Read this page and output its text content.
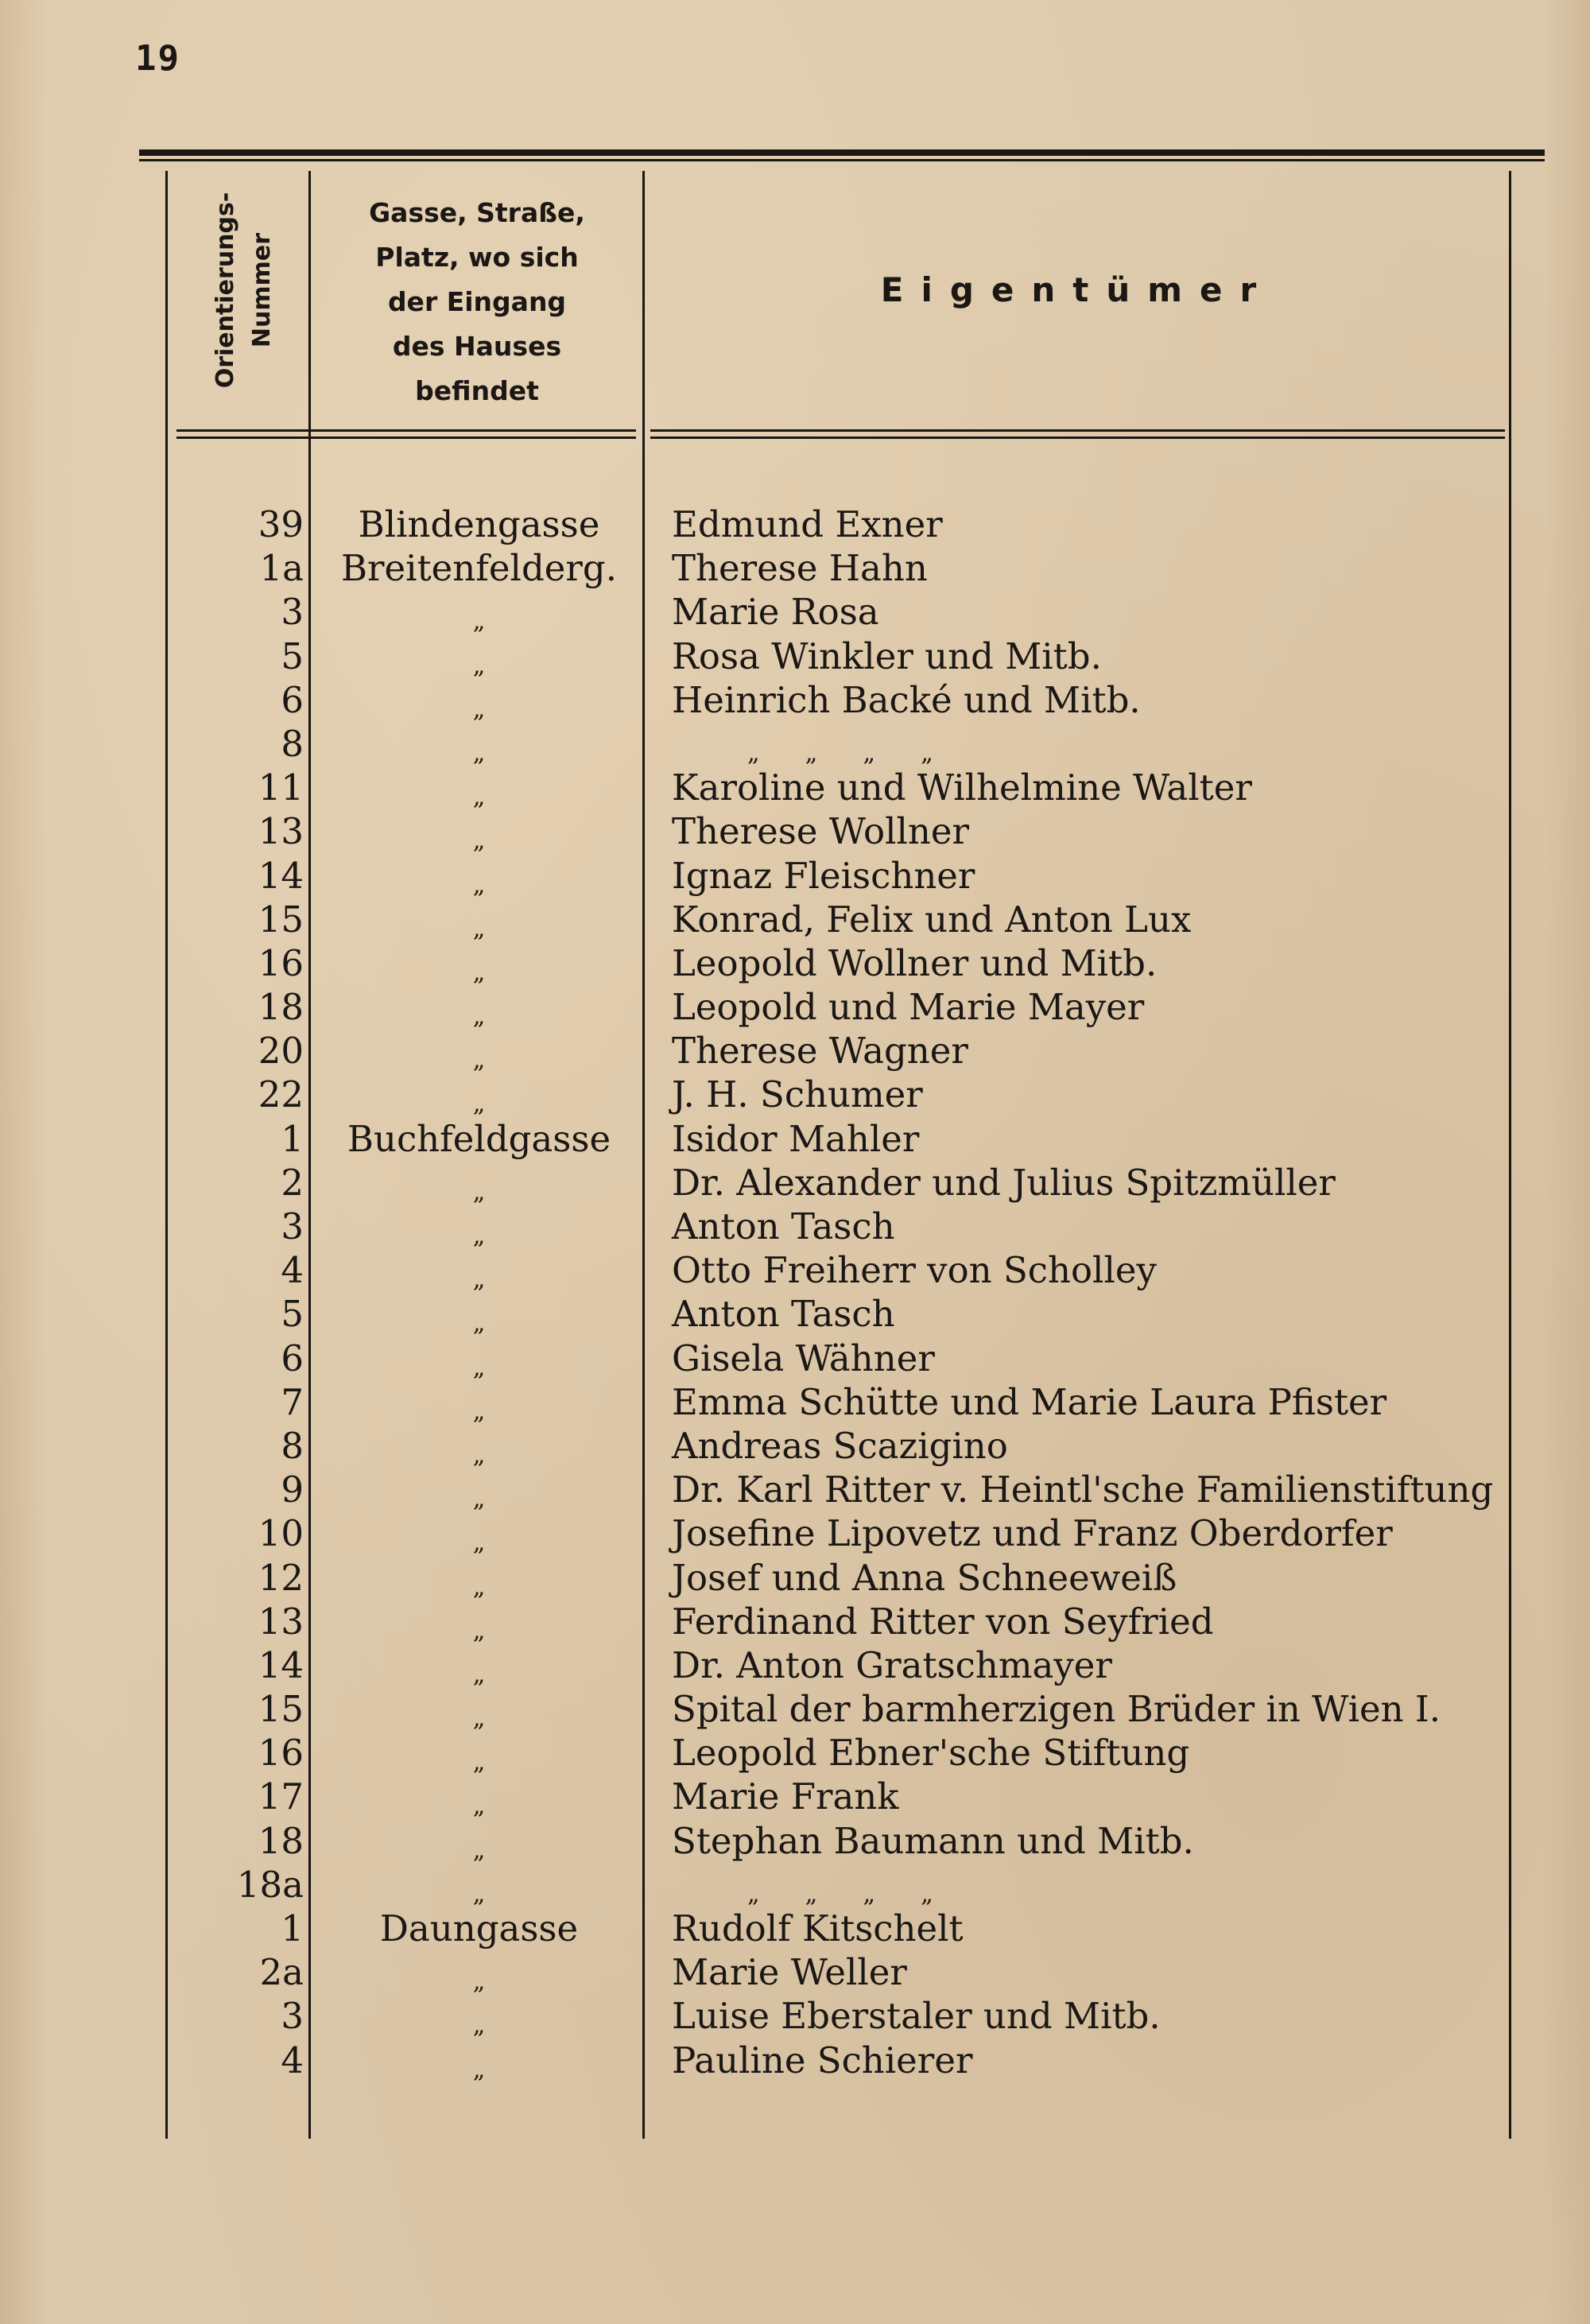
19
Orientierungs- Nummer
Gasse, Straße,
Platz, wo sich
der Eingang
des Hauses
befindet
Eigentümer
39	Blindengasse	Edmund Exner
1a	Breitenfelderg.	Therese Hahn
3	„	Marie Rosa
5	„	Rosa Winkler und Mitb.
6	„	Heinrich Backé und Mitb.
8	„	„      „      „      „
11	„	Karoline und Wilhelmine Walter
13	„	Therese Wollner
14	„	Ignaz Fleischner
15	„	Konrad, Felix und Anton Lux
16	„	Leopold Wollner und Mitb.
18	„	Leopold und Marie Mayer
20	„	Therese Wagner
22	„	J. H. Schumer
1	Buchfeldgasse	Isidor Mahler
2	„	Dr. Alexander und Julius Spitzmüller
3	„	Anton Tasch
4	„	Otto Freiherr von Scholley
5	„	Anton Tasch
6	„	Gisela Wähner
7	„	Emma Schütte und Marie Laura Pfister
8	„	Andreas Scazigino
9	„	Dr. Karl Ritter v. Heintl'sche Familienstiftung
10	„	Josefine Lipovetz und Franz Oberdorfer
12	„	Josef und Anna Schneeweiß
13	„	Ferdinand Ritter von Seyfried
14	„	Dr. Anton Gratschmayer
15	„	Spital der barmherzigen Brüder in Wien I.
16	„	Leopold Ebner'sche Stiftung
17	„	Marie Frank
18	„	Stephan Baumann und Mitb.
18a	„	„      „      „      „
1	Daungasse	Rudolf Kitschelt
2a	„	Marie Weller
3	„	Luise Eberstaler und Mitb.
4	„	Pauline Schierer
